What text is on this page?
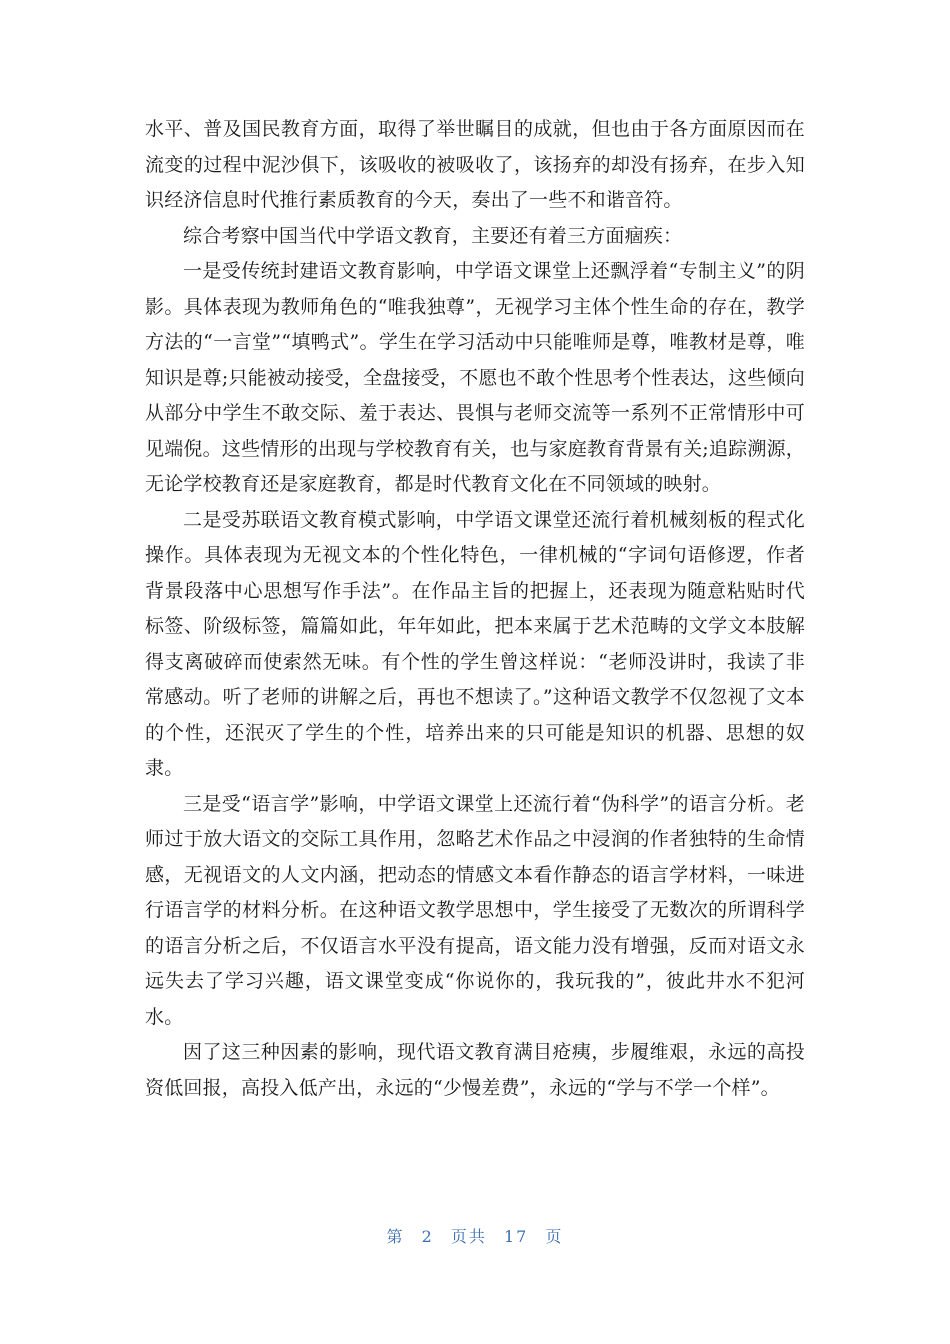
水平、普及国民教育方面，取得了举世瞩目的成就，但也由于各方面原因而在流变的过程中泥沙俱下，该吸收的被吸收了，该扬弃的却没有扬弃，在步入知识经济信息时代推行素质教育的今天，奏出了一些不和谐音符。

综合考察中国当代中学语文教育，主要还有着三方面痼疾：

一是受传统封建语文教育影响，中学语文课堂上还飘浮着“专制主义”的阴影。具体表现为教师角色的“唯我独尊”，无视学习主体个性生命的存在，教学方法的“一言堂”“填鸭式”。学生在学习活动中只能唯师是尊，唯教材是尊，唯知识是尊;只能被动接受，全盘接受，不愿也不敢个性思考个性表达，这些倾向从部分中学生不敢交际、羞于表达、畏惧与老师交流等一系列不正常情形中可见端倪。这些情形的出现与学校教育有关，也与家庭教育背景有关;追踪溯源，无论学校教育还是家庭教育，都是时代教育文化在不同领域的映射。

二是受苏联语文教育模式影响，中学语文课堂还流行着机械刻板的程式化操作。具体表现为无视文本的个性化特色，一律机械的“字词句语修逻，作者背景段落中心思想写作手法”。在作品主旨的把握上，还表现为随意粘贴时代标签、阶级标签，篇篇如此，年年如此，把本来属于艺术范畴的文学文本肢解得支离破碎而使索然无味。有个性的学生曾这样说：“老师没讲时，我读了非常感动。听了老师的讲解之后，再也不想读了。”这种语文教学不仅忽视了文本的个性，还泯灭了学生的个性，培养出来的只可能是知识的机器、思想的奴隶。

三是受“语言学”影响，中学语文课堂上还流行着“伪科学”的语言分析。老师过于放大语文的交际工具作用，忽略艺术作品之中浸润的作者独特的生命情感，无视语文的人文内涵，把动态的情感文本看作静态的语言学材料，一味进行语言学的材料分析。在这种语文教学思想中，学生接受了无数次的所谓科学的语言分析之后，不仅语言水平没有提高，语文能力没有增强，反而对语文永远失去了学习兴趣，语文课堂变成“你说你的，我玩我的”，彼此井水不犯河水。

因了这三种因素的影响，现代语文教育满目疮痍，步履维艰，永远的高投资低回报，高投入低产出，永远的“少慢差费”，永远的“学与不学一个样”。

第 2 页共 17 页
